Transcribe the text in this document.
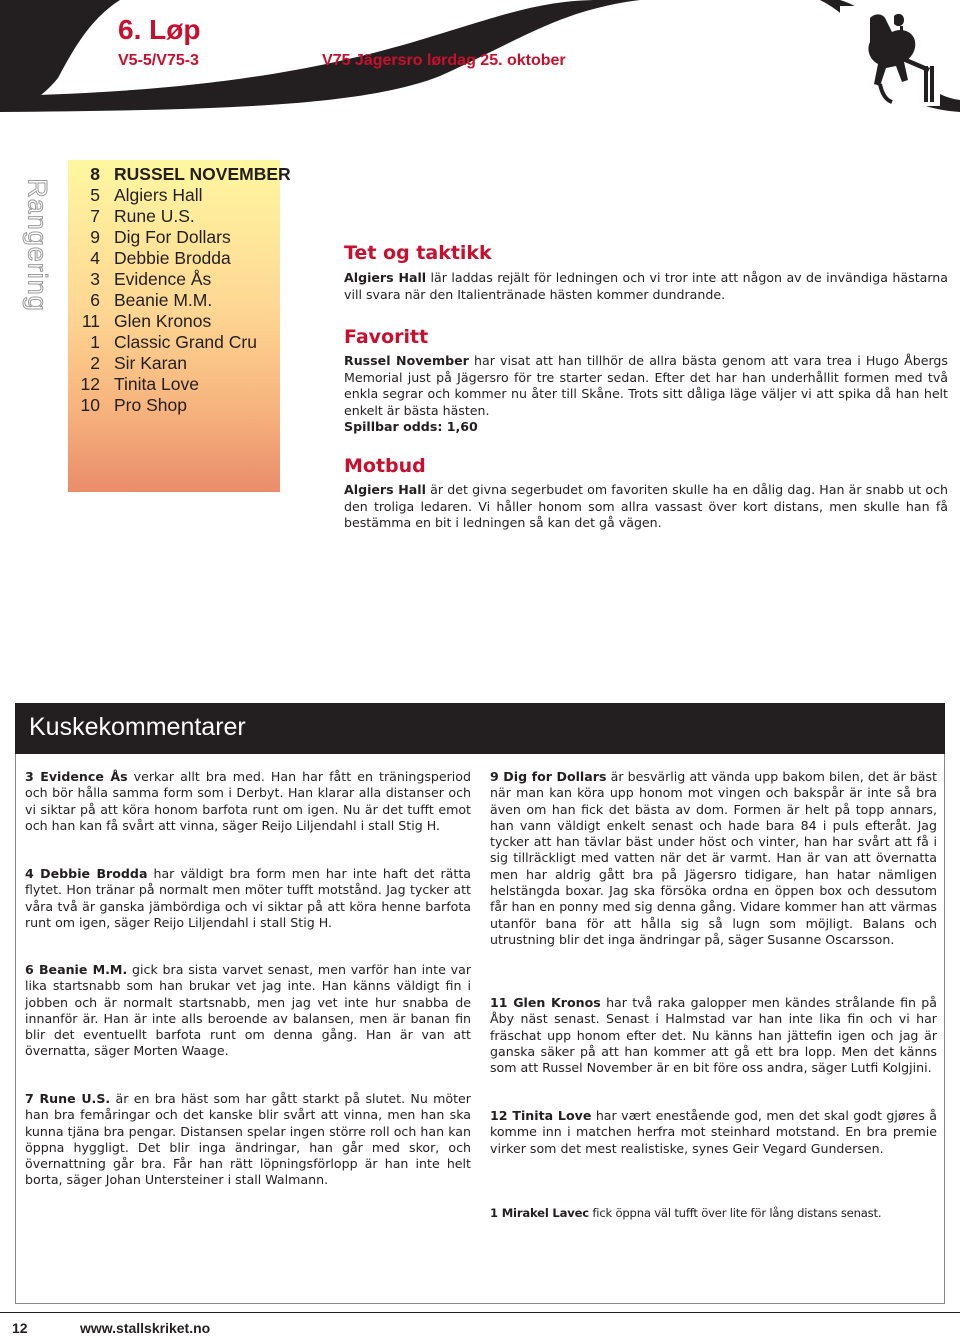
6. Løp
V5-5/V75-3	V75 Jägersro lørdag 25. oktober
Rangering
8 RUSSEL NOVEMBER
5 Algiers Hall
7 Rune U.S.
9 Dig For Dollars
4 Debbie Brodda
3 Evidence Ås
6 Beanie M.M.
11 Glen Kronos
1 Classic Grand Cru
2 Sir Karan
12 Tinita Love
10 Pro Shop
Tet og taktikk

Algiers Hall lär laddas rejält för ledningen och vi tror inte att någon av de invändiga hästarna vill svara när den Italientränade hästen kommer dundrande.

Favoritt

Russel November har visat att han tillhör de allra bästa genom att vara trea i Hugo Åbergs Memorial just på Jägersro för tre starter sedan. Efter det har han underhållit formen med två enkla segrar och kommer nu åter till Skåne. Trots sitt dåliga läge väljer vi att spika då han helt enkelt är bästa hästen.
Spillbar odds: 1,60

Motbud

Algiers Hall är det givna segerbudet om favoriten skulle ha en dålig dag. Han är snabb ut och den troliga ledaren. Vi håller honom som allra vassast över kort distans, men skulle han få bestämma en bit i ledningen så kan det gå vägen.

Kuskekommentarer

3 Evidence Ås verkar allt bra med. Han har fått en träningsperiod och bör hålla samma form som i Derbyt. Han klarar alla distanser och vi siktar på att köra honom barfota runt om igen. Nu är det tufft emot och han kan få svårt att vinna, säger Reijo Liljendahl i stall Stig H.

4 Debbie Brodda har väldigt bra form men har inte haft det rätta flytet. Hon tränar på normalt men möter tufft motstånd. Jag tycker att våra två är ganska jämbördiga och vi siktar på att köra henne barfota runt om igen, säger Reijo Liljendahl i stall Stig H.

6 Beanie M.M. gick bra sista varvet senast, men varför han inte var lika startsnabb som han brukar vet jag inte. Han känns väldigt fin i jobben och är normalt startsnabb, men jag vet inte hur snabba de innanför är. Han är inte alls beroende av balansen, men är banan fin blir det eventuellt barfota runt om denna gång. Han är van att övernatta, säger Morten Waage.

7 Rune U.S. är en bra häst som har gått starkt på slutet. Nu möter han bra femåringar och det kanske blir svårt att vinna, men han ska kunna tjäna bra pengar. Distansen spelar ingen större roll och han kan öppna hyggligt. Det blir inga ändringar, han går med skor, och övernattning går bra. Får han rätt löpningsförlopp är han inte helt borta, säger Johan Untersteiner i stall Walmann.

9 Dig for Dollars är besvärlig att vända upp bakom bilen, det är bäst när man kan köra upp honom mot vingen och bakspår är inte så bra även om han fick det bästa av dom. Formen är helt på topp annars, han vann väldigt enkelt senast och hade bara 84 i puls efteråt. Jag tycker att han tävlar bäst under höst och vinter, han har svårt att få i sig tillräckligt med vatten när det är varmt. Han är van att övernatta men har aldrig gått bra på Jägersro tidigare, han hatar nämligen helstängda boxar. Jag ska försöka ordna en öppen box och dessutom får han en ponny med sig denna gång. Vidare kommer han att värmas utanför bana för att hålla sig så lugn som möjligt. Balans och utrustning blir det inga ändringar på, säger Susanne Oscarsson.

11 Glen Kronos har två raka galopper men kändes strålande fin på Åby näst senast. Senast i Halmstad var han inte lika fin och vi har fräschat upp honom efter det. Nu känns han jättefin igen och jag är ganska säker på att han kommer att gå ett bra lopp. Men det känns som att Russel November är en bit före oss andra, säger Lutfi Kolgjini.

12 Tinita Love har vært enestående god, men det skal godt gjøres å komme inn i matchen herfra mot steinhard motstand. En bra premie virker som det mest realistiske, synes Geir Vegard Gundersen.

1 Mirakel Lavec fick öppna väl tufft över lite för lång distans senast.

12	www.stallskriket.no
